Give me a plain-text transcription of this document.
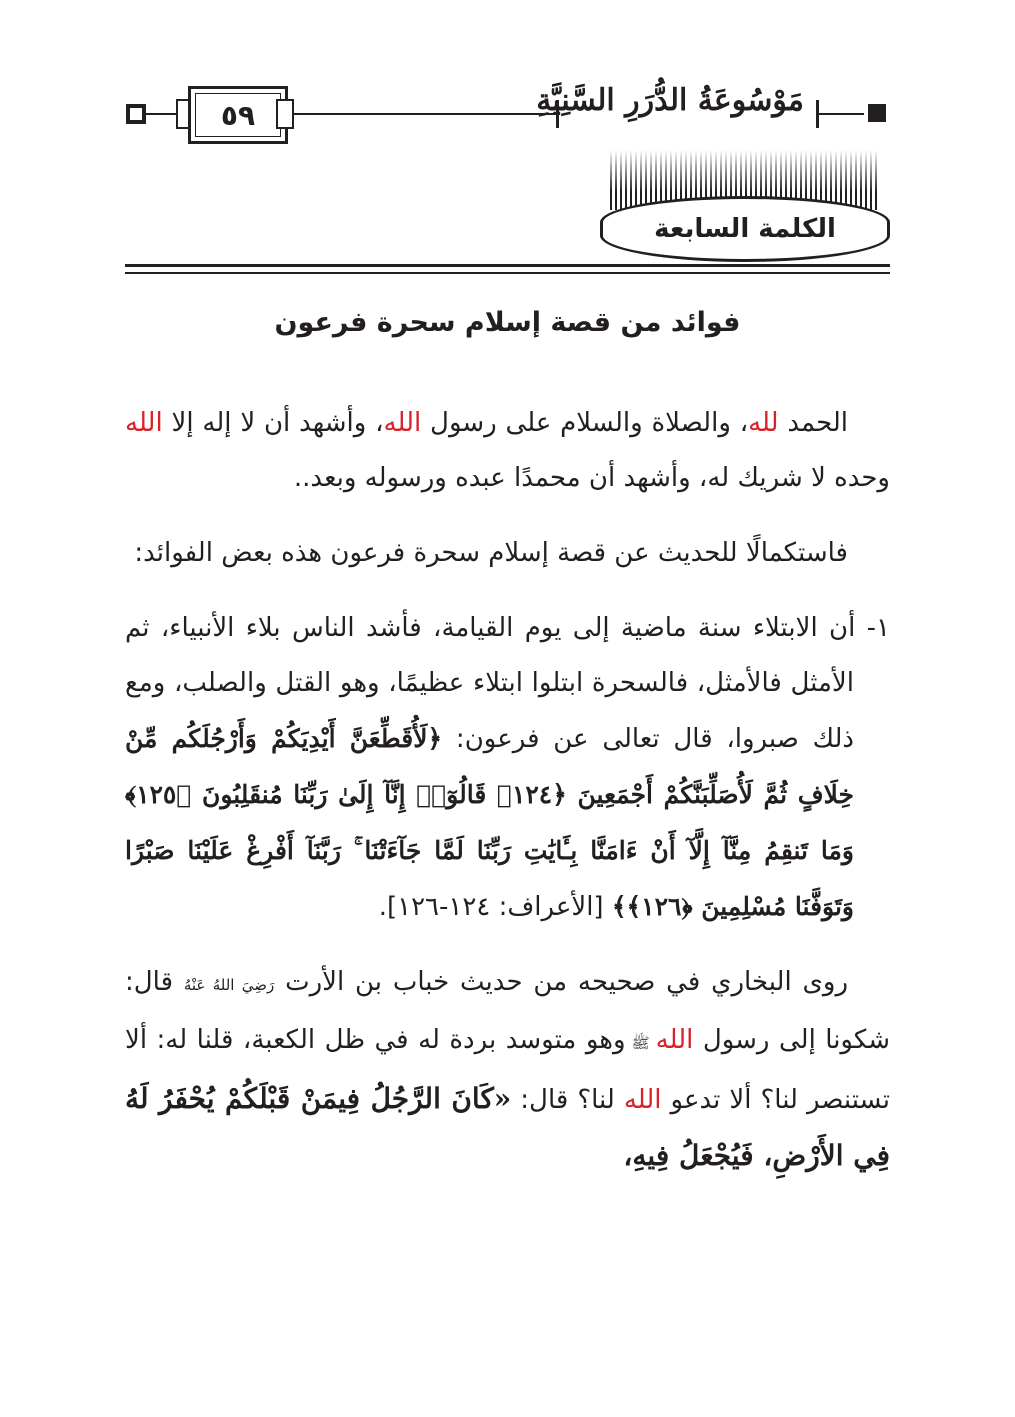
٥٩	مَوْسُوعَةُ الدُّرَرِ السَّنِيَّةِ
الكلمة السابعة
فوائد من قصة إسلام سحرة فرعون

الحمد لله، والصلاة والسلام على رسول الله، وأشهد أن لا إله إلا الله وحده لا شريك له، وأشهد أن محمدًا عبده ورسوله وبعد..

فاستكمالًا للحديث عن قصة إسلام سحرة فرعون هذه بعض الفوائد:

١- أن الابتلاء سنة ماضية إلى يوم القيامة، فأشد الناس بلاء الأنبياء، ثم الأمثل فالأمثل، فالسحرة ابتلوا ابتلاء عظيمًا، وهو القتل والصلب، ومع ذلك صبروا، قال تعالى عن فرعون: ﴿لَأُقَطِّعَنَّ أَيْدِيَكُمْ وَأَرْجُلَكُم مِّنْ خِلَافٍ ثُمَّ لَأُصَلِّبَنَّكُمْ أَجْمَعِينَ ﴿١٢٤﴾ قَالُوٓا۟ إِنَّآ إِلَىٰ رَبِّنَا مُنقَلِبُونَ ﴿١٢٥﴾ وَمَا تَنقِمُ مِنَّآ إِلَّآ أَنْ ءَامَنَّا بِـَٔايَٰتِ رَبِّنَا لَمَّا جَآءَتْنَا ۚ رَبَّنَآ أَفْرِغْ عَلَيْنَا صَبْرًا وَتَوَفَّنَا مُسْلِمِينَ ﴿١٢٦﴾﴾ [الأعراف: ١٢٤-١٢٦].

روى البخاري في صحيحه من حديث خباب بن الأرت رَضِيَ اللهُ عَنْهُ قال: شكونا إلى رسول الله ﷺ وهو متوسد بردة له في ظل الكعبة، قلنا له: ألا تستنصر لنا؟ ألا تدعو الله لنا؟ قال: «كَانَ الرَّجُلُ فِيمَنْ قَبْلَكُمْ يُحْفَرُ لَهُ فِي الأَرْضِ، فَيُجْعَلُ فِيهِ،
